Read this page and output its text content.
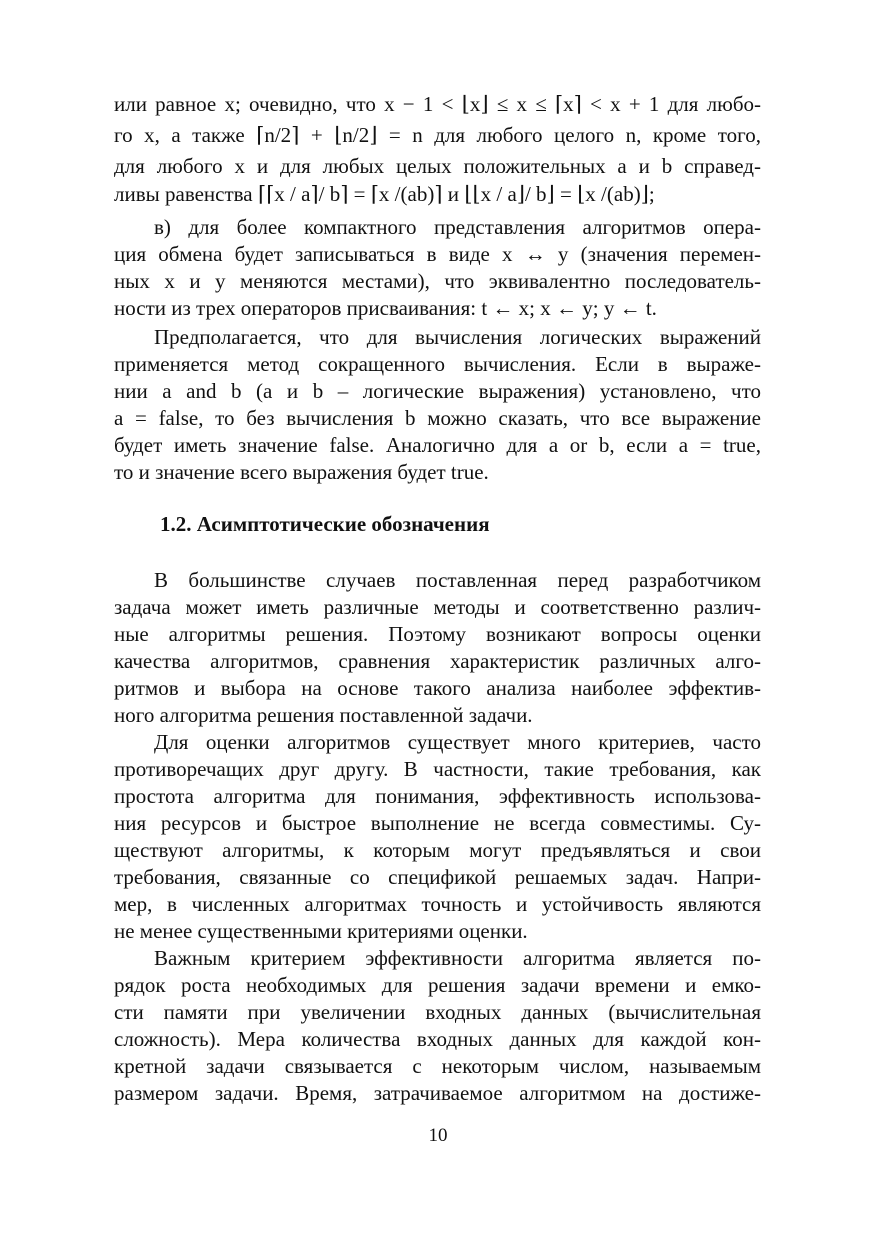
или равное x; очевидно, что x − 1 < ⌊x⌋ ≤ x ≤ ⌈x⌉ < x + 1 для любо-
го x, а также ⌈n/2⌉ + ⌊n/2⌋ = n для любого целого n, кроме того,
для любого x и для любых целых положительных a и b справед-
ливы равенства ⌈⌈x / a⌉/ b⌉ = ⌈x /(ab)⌉ и ⌊⌊x / a⌋/ b⌋ = ⌊x /(ab)⌋;
в) для более компактного представления алгоритмов опера-
ция обмена будет записываться в виде x ↔ y (значения перемен-
ных x и y меняются местами), что эквивалентно последователь-
ности из трех операторов присваивания: t ← x; x ← y; y ← t.
Предполагается, что для вычисления логических выражений
применяется метод сокращенного вычисления. Если в выраже-
нии a and b (a и b – логические выражения) установлено, что
a = false, то без вычисления b можно сказать, что все выражение
будет иметь значение false. Аналогично для a or b, если a = true,
то и значение всего выражения будет true.
1.2. Асимптотические обозначения
В большинстве случаев поставленная перед разработчиком
задача может иметь различные методы и соответственно различ-
ные алгоритмы решения. Поэтому возникают вопросы оценки
качества алгоритмов, сравнения характеристик различных алго-
ритмов и выбора на основе такого анализа наиболее эффектив-
ного алгоритма решения поставленной задачи.
Для оценки алгоритмов существует много критериев, часто
противоречащих друг другу. В частности, такие требования, как
простота алгоритма для понимания, эффективность использова-
ния ресурсов и быстрое выполнение не всегда совместимы. Су-
ществуют алгоритмы, к которым могут предъявляться и свои
требования, связанные со спецификой решаемых задач. Напри-
мер, в численных алгоритмах точность и устойчивость являются
не менее существенными критериями оценки.
Важным критерием эффективности алгоритма является по-
рядок роста необходимых для решения задачи времени и емко-
сти памяти при увеличении входных данных (вычислительная
сложность). Мера количества входных данных для каждой кон-
кретной задачи связывается с некоторым числом, называемым
размером задачи. Время, затрачиваемое алгоритмом на достиже-
10
